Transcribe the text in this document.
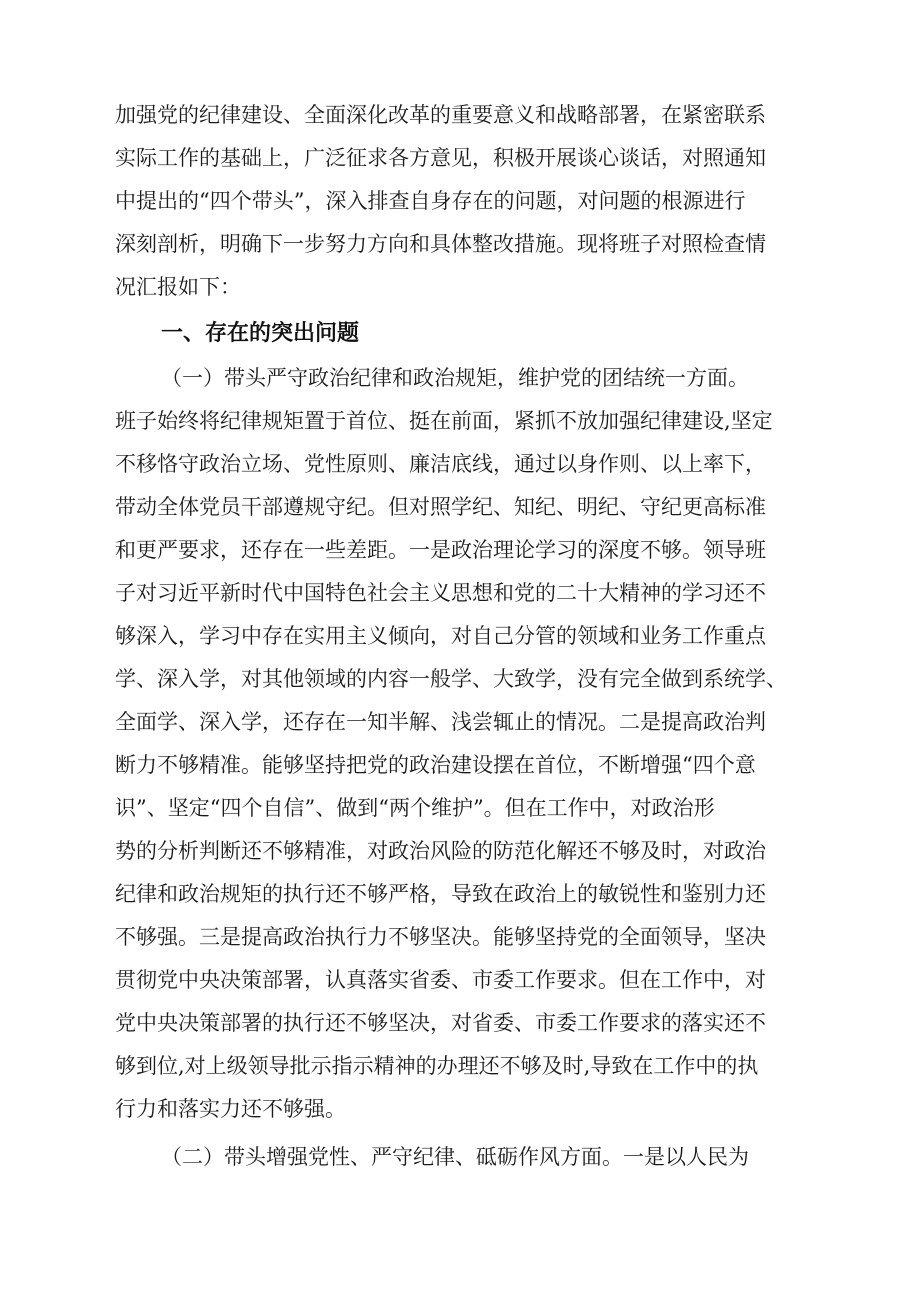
加强党的纪律建设、全面深化改革的重要意义和战略部署，在紧密联系
实际工作的基础上，广泛征求各方意见，积极开展谈心谈话，对照通知
中提出的“四个带头”，深入排查自身存在的问题，对问题的根源进行
深刻剖析，明确下一步努力方向和具体整改措施。现将班子对照检查情
况汇报如下：
一、存在的突出问题
（一）带头严守政治纪律和政治规矩，维护党的团结统一方面。
班子始终将纪律规矩置于首位、挺在前面，紧抓不放加强纪律建设,坚定
不移恪守政治立场、党性原则、廉洁底线，通过以身作则、以上率下，
带动全体党员干部遵规守纪。但对照学纪、知纪、明纪、守纪更高标准
和更严要求，还存在一些差距。一是政治理论学习的深度不够。领导班
子对习近平新时代中国特色社会主义思想和党的二十大精神的学习还不
够深入，学习中存在实用主义倾向，对自己分管的领域和业务工作重点
学、深入学，对其他领域的内容一般学、大致学，没有完全做到系统学、
全面学、深入学，还存在一知半解、浅尝辄止的情况。二是提高政治判
断力不够精准。能够坚持把党的政治建设摆在首位，不断增强“四个意
识”、坚定“四个自信”、做到“两个维护”。但在工作中，对政治形
势的分析判断还不够精准，对政治风险的防范化解还不够及时，对政治
纪律和政治规矩的执行还不够严格，导致在政治上的敏锐性和鉴别力还
不够强。三是提高政治执行力不够坚决。能够坚持党的全面领导，坚决
贯彻党中央决策部署，认真落实省委、市委工作要求。但在工作中，对
党中央决策部署的执行还不够坚决，对省委、市委工作要求的落实还不
够到位,对上级领导批示指示精神的办理还不够及时,导致在工作中的执
行力和落实力还不够强。
（二）带头增强党性、严守纪律、砥砺作风方面。一是以人民为
